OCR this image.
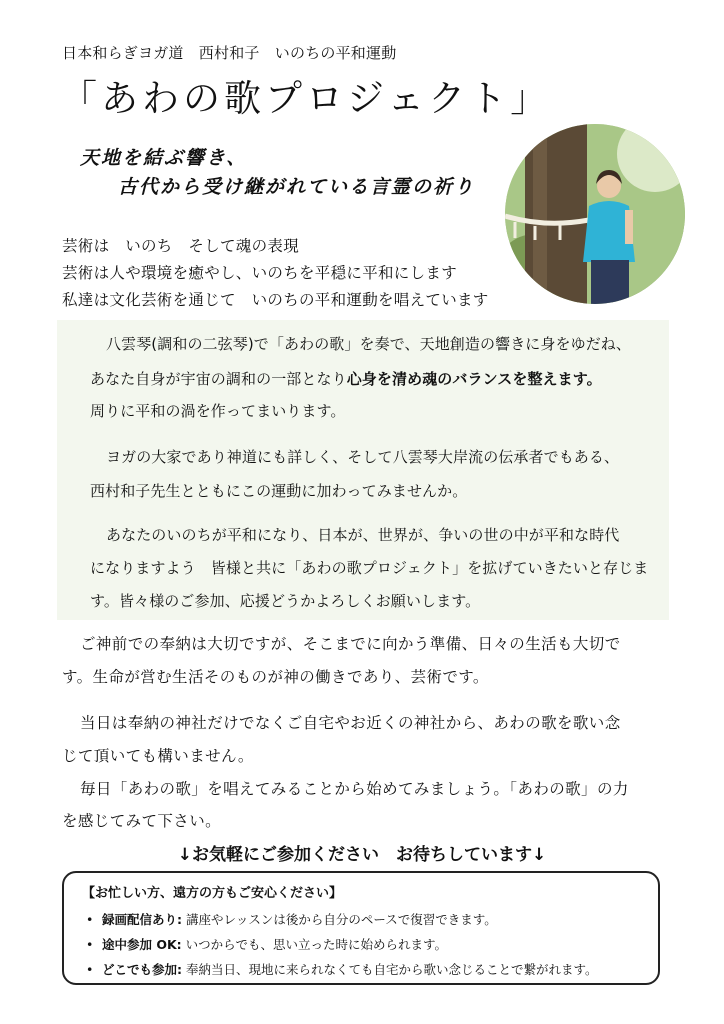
日本和らぎヨガ道　西村和子　いのちの平和運動
「あわの歌プロジェクト」
天地を結ぶ響き、
古代から受け継がれている言霊の祈り
芸術は　いのち　そして魂の表現
芸術は人や環境を癒やし、いのちを平穏に平和にします
私達は文化芸術を通じて　いのちの平和運動を唱えています
八雲琴(調和の二弦琴)で「あわの歌」を奏で、天地創造の響きに身をゆだね、
あなた自身が宇宙の調和の一部となり心身を清め魂のバランスを整えます。
周りに平和の渦を作ってまいります。
ヨガの大家であり神道にも詳しく、そして八雲琴大岸流の伝承者でもある、
西村和子先生とともにこの運動に加わってみませんか。
あなたのいのちが平和になり、日本が、世界が、争いの世の中が平和な時代
になりますよう　皆様と共に「あわの歌プロジェクト」を拡げていきたいと存じま
す。皆々様のご参加、応援どうかよろしくお願いします。
ご神前での奉納は大切ですが、そこまでに向かう準備、日々の生活も大切で
す。生命が営む生活そのものが神の働きであり、芸術です。
当日は奉納の神社だけでなくご自宅やお近くの神社から、あわの歌を歌い念
じて頂いても構いません。
毎日「あわの歌」を唱えてみることから始めてみましょう。「あわの歌」の力
を感じてみて下さい。
↓お気軽にご参加ください　お待ちしています↓
【お忙しい方、遠方の方もご安心ください】
• 録画配信あり: 講座やレッスンは後から自分のペースで復習できます。
• 途中参加 OK: いつからでも、思い立った時に始められます。
• どこでも参加: 奉納当日、現地に来られなくても自宅から歌い念じることで繋がれます。
